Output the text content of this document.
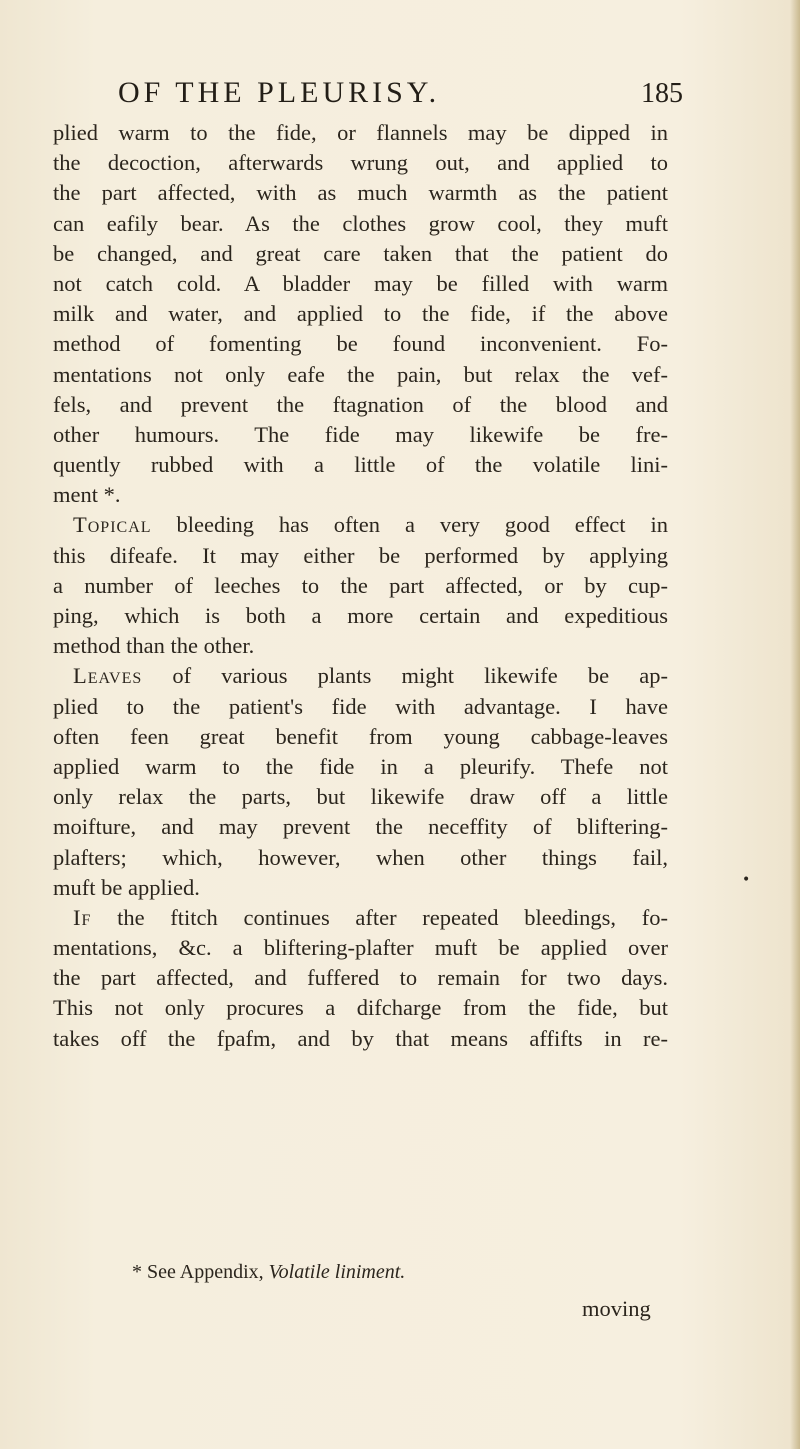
OF THE PLEURISY.	185
plied warm to the fide, or flannels may be dipped in
the decoction, afterwards wrung out, and applied to
the part affected, with as much warmth as the patient
can eafily bear. As the clothes grow cool, they muft
be changed, and great care taken that the patient do
not catch cold. A bladder may be filled with warm
milk and water, and applied to the fide, if the above
method of fomenting be found inconvenient. Fo-
mentations not only eafe the pain, but relax the vef-
fels, and prevent the ftagnation of the blood and
other humours. The fide may likewife be fre-
quently rubbed with a little of the volatile lini-
ment *.
Topical bleeding has often a very good effect in
this difeafe. It may either be performed by applying
a number of leeches to the part affected, or by cup-
ping, which is both a more certain and expeditious
method than the other.
Leaves of various plants might likewife be ap-
plied to the patient's fide with advantage. I have
often feen great benefit from young cabbage-leaves
applied warm to the fide in a pleurify. Thefe not
only relax the parts, but likewife draw off a little
moifture, and may prevent the neceffity of bliftering-
plafters; which, however, when other things fail,
muft be applied.
If the ftitch continues after repeated bleedings, fo-
mentations, &c. a bliftering-plafter muft be applied over
the part affected, and fuffered to remain for two days.
This not only procures a difcharge from the fide, but
takes off the fpafm, and by that means affifts in re-
•
* See Appendix, Volatile liniment.
moving
